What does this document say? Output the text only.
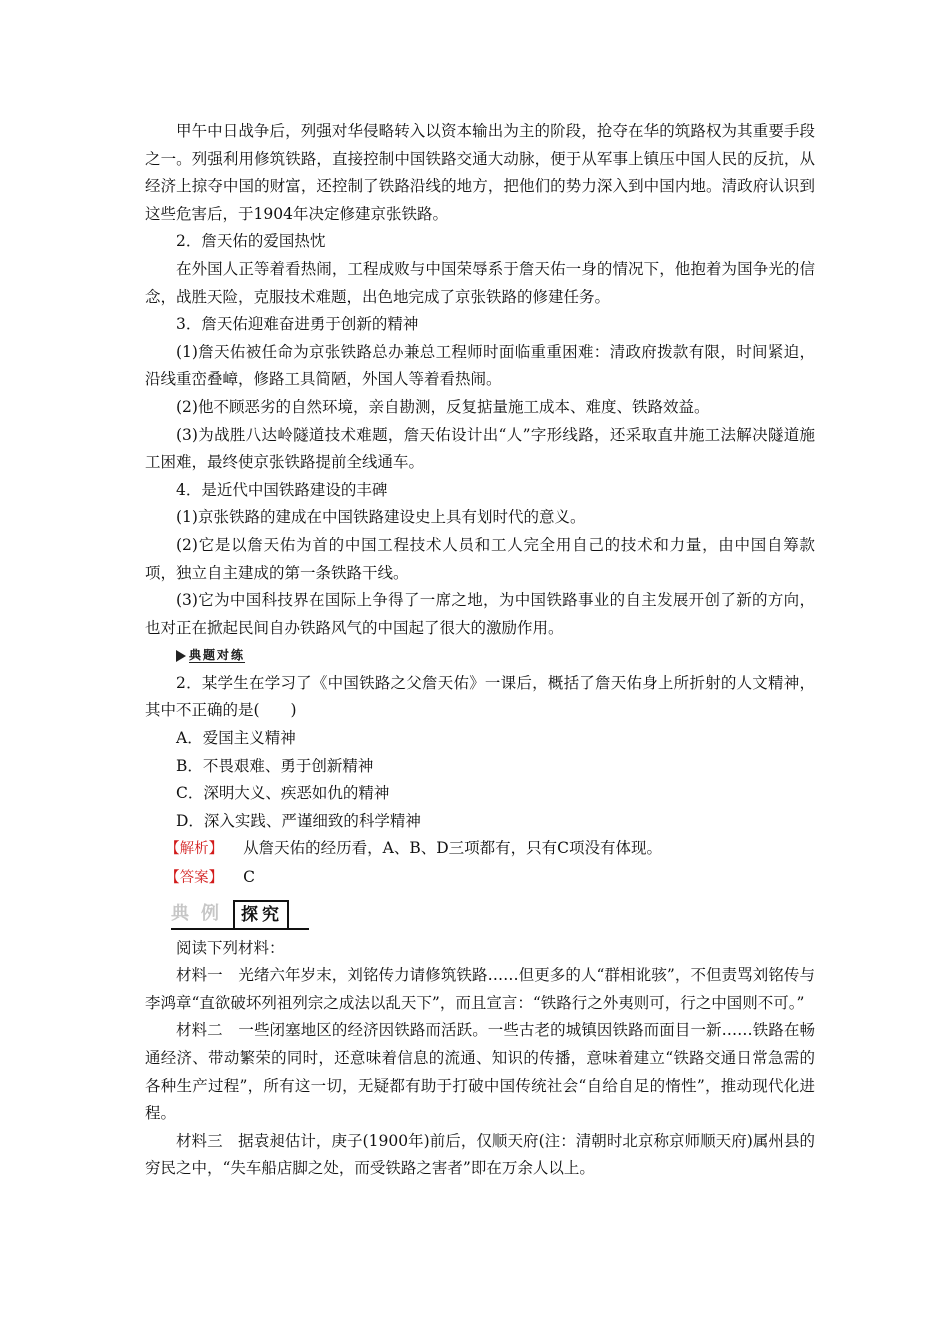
甲午中日战争后，列强对华侵略转入以资本输出为主的阶段，抢夺在华的筑路权为其重要手段之一。列强利用修筑铁路，直接控制中国铁路交通大动脉，便于从军事上镇压中国人民的反抗，从经济上掠夺中国的财富，还控制了铁路沿线的地方，把他们的势力深入到中国内地。清政府认识到这些危害后，于1904年决定修建京张铁路。

2．詹天佑的爱国热忱

在外国人正等着看热闹，工程成败与中国荣辱系于詹天佑一身的情况下，他抱着为国争光的信念，战胜天险，克服技术难题，出色地完成了京张铁路的修建任务。

3．詹天佑迎难奋进勇于创新的精神

(1)詹天佑被任命为京张铁路总办兼总工程师时面临重重困难：清政府拨款有限，时间紧迫，沿线重峦叠嶂，修路工具简陋，外国人等着看热闹。

(2)他不顾恶劣的自然环境，亲自勘测，反复掂量施工成本、难度、铁路效益。

(3)为战胜八达岭隧道技术难题，詹天佑设计出“人”字形线路，还采取直井施工法解决隧道施工困难，最终使京张铁路提前全线通车。

4．是近代中国铁路建设的丰碑

(1)京张铁路的建成在中国铁路建设史上具有划时代的意义。

(2)它是以詹天佑为首的中国工程技术人员和工人完全用自己的技术和力量，由中国自筹款项，独立自主建成的第一条铁路干线。

(3)它为中国科技界在国际上争得了一席之地，为中国铁路事业的自主发展开创了新的方向，也对正在掀起民间自办铁路风气的中国起了很大的激励作用。

典题对练

2．某学生在学习了《中国铁路之父詹天佑》一课后，概括了詹天佑身上所折射的人文精神，其中不正确的是(　　)

A．爱国主义精神

B．不畏艰难、勇于创新精神

C．深明大义、疾恶如仇的精神

D．深入实践、严谨细致的科学精神

【解析】 从詹天佑的经历看，A、B、D三项都有，只有C项没有体现。

【答案】 C

典例 探究

阅读下列材料：

材料一　光绪六年岁末，刘铭传力请修筑铁路……但更多的人“群相讹骇”，不但责骂刘铭传与李鸿章“直欲破坏列祖列宗之成法以乱天下”，而且宣言：“铁路行之外夷则可，行之中国则不可。”

材料二　一些闭塞地区的经济因铁路而活跃。一些古老的城镇因铁路而面目一新……铁路在畅通经济、带动繁荣的同时，还意味着信息的流通、知识的传播，意味着建立“铁路交通日常急需的各种生产过程”，所有这一切，无疑都有助于打破中国传统社会“自给自足的惰性”，推动现代化进程。

材料三　据袁昶估计，庚子(1900年)前后，仅顺天府(注：清朝时北京称京师顺天府)属州县的穷民之中，“失车船店脚之处，而受铁路之害者”即在万余人以上。
